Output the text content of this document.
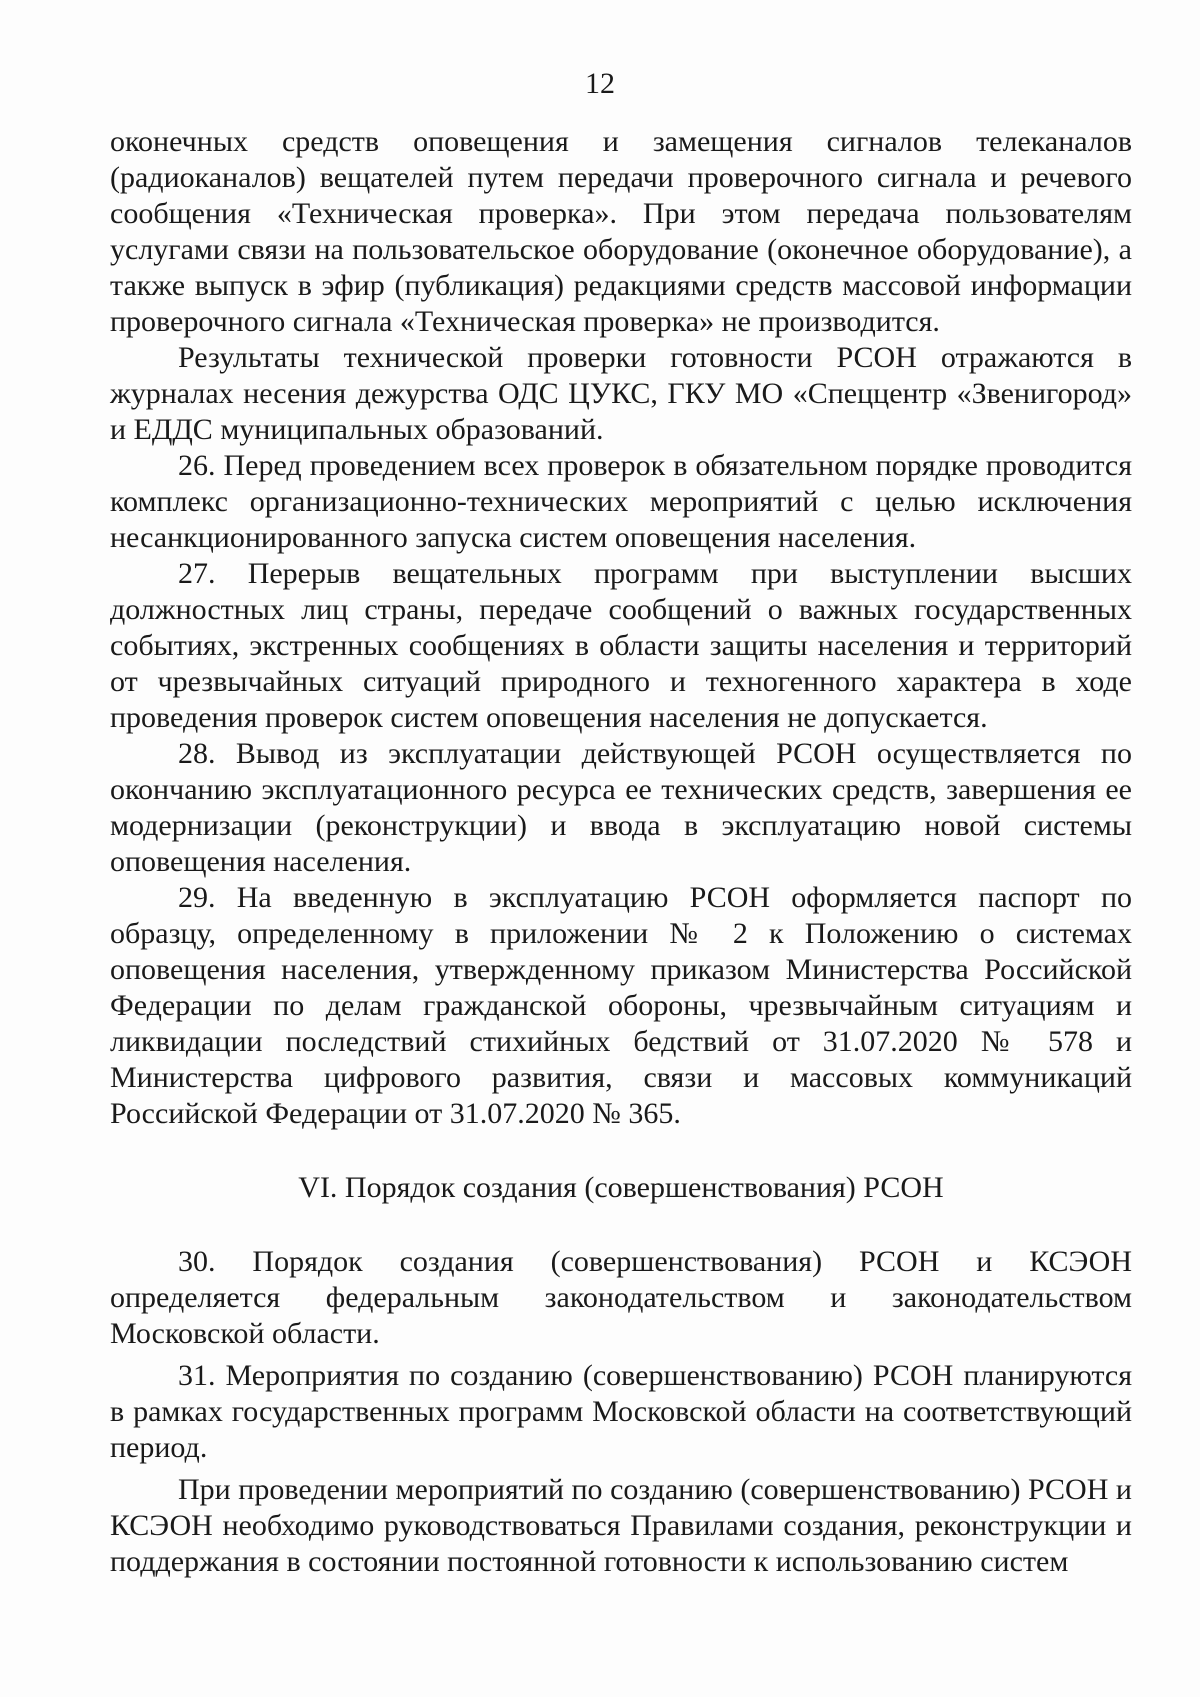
12

оконечных средств оповещения и замещения сигналов телеканалов (радиоканалов) вещателей путем передачи проверочного сигнала и речевого сообщения «Техническая проверка». При этом передача пользователям услугами связи на пользовательское оборудование (оконечное оборудование), а также выпуск в эфир (публикация) редакциями средств массовой информации проверочного сигнала «Техническая проверка» не производится.

Результаты технической проверки готовности РСОН отражаются в журналах несения дежурства ОДС ЦУКС, ГКУ МО «Спеццентр «Звенигород» и ЕДДС муниципальных образований.

26. Перед проведением всех проверок в обязательном порядке проводится комплекс организационно-технических мероприятий с целью исключения несанкционированного запуска систем оповещения населения.

27. Перерыв вещательных программ при выступлении высших должностных лиц страны, передаче сообщений о важных государственных событиях, экстренных сообщениях в области защиты населения и территорий от чрезвычайных ситуаций природного и техногенного характера в ходе проведения проверок систем оповещения населения не допускается.

28. Вывод из эксплуатации действующей РСОН осуществляется по окончанию эксплуатационного ресурса ее технических средств, завершения ее модернизации (реконструкции) и ввода в эксплуатацию новой системы оповещения населения.

29. На введенную в эксплуатацию РСОН оформляется паспорт по образцу, определенному в приложении № 2 к Положению о системах оповещения населения, утвержденному приказом Министерства Российской Федерации по делам гражданской обороны, чрезвычайным ситуациям и ликвидации последствий стихийных бедствий от 31.07.2020 № 578 и Министерства цифрового развития, связи и массовых коммуникаций Российской Федерации от 31.07.2020 № 365.

VI. Порядок создания (совершенствования) РСОН

30. Порядок создания (совершенствования) РСОН и КСЭОН определяется федеральным законодательством и законодательством Московской области.

31. Мероприятия по созданию (совершенствованию) РСОН планируются в рамках государственных программ Московской области на соответствующий период.

При проведении мероприятий по созданию (совершенствованию) РСОН и КСЭОН необходимо руководствоваться Правилами создания, реконструкции и поддержания в состоянии постоянной готовности к использованию систем
